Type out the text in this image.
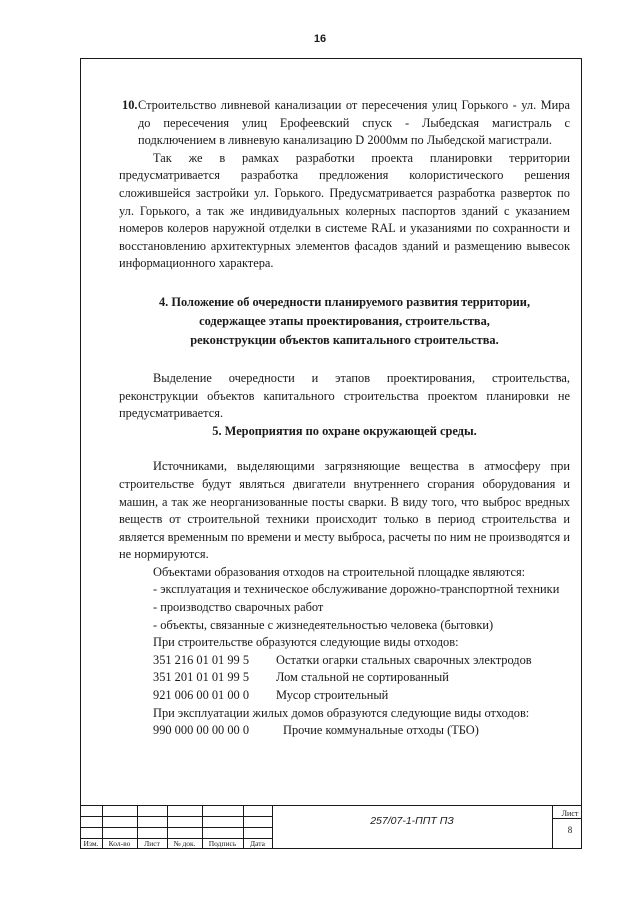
16

10. Строительство ливневой канализации от пересечения улиц Горького - ул. Мира до пересечения улиц Ерофеевский спуск - Лыбедская магистраль с подключением в ливневую канализацию D 2000мм по Лыбедской магистрали.

Так же в рамках разработки проекта планировки территории предусматривается разработка предложения колористического решения сложившейся застройки ул. Горького. Предусматривается разработка разверток по ул. Горького, а так же индивидуальных колерных паспортов зданий с указанием номеров колеров наружной отделки в системе RAL и указаниями по сохранности и восстановлению архитектурных элементов фасадов зданий и размещению вывесок информационного характера.

4. Положение об очередности планируемого развития территории,
содержащее этапы проектирования, строительства,
реконструкции объектов капитального строительства.

Выделение очередности и этапов проектирования, строительства, реконструкции объектов капитального строительства проектом планировки не предусматривается.

5. Мероприятия по охране окружающей среды.

Источниками, выделяющими загрязняющие вещества в атмосферу при строительстве будут являться двигатели внутреннего сгорания оборудования и машин, а так же неорганизованные посты сварки. В виду того, что выброс вредных веществ от строительной техники происходит только в период строительства и является временным по времени и месту выброса, расчеты по ним не производятся и не нормируются.

Объектами образования отходов на строительной площадке являются:

- эксплуатация и техническое обслуживание дорожно-транспортной техники

- производство сварочных работ

- объекты, связанные с жизнедеятельностью человека (бытовки)

При строительстве образуются следующие виды отходов:

351 216 01 01 99 5	Остатки огарки стальных сварочных электродов
351 201 01 01 99 5	Лом стальной не сортированный
921 006 00 01 00 0	Мусор строительный

При эксплуатации жилых домов образуются следующие виды отходов:

990 000 00 00 00 0	Прочие коммунальные отходы (ТБО)
Изм.	Кол-во	Лист	№ док.	Подпись	Дата
257/07-1-ППТ ПЗ
Лист
8
